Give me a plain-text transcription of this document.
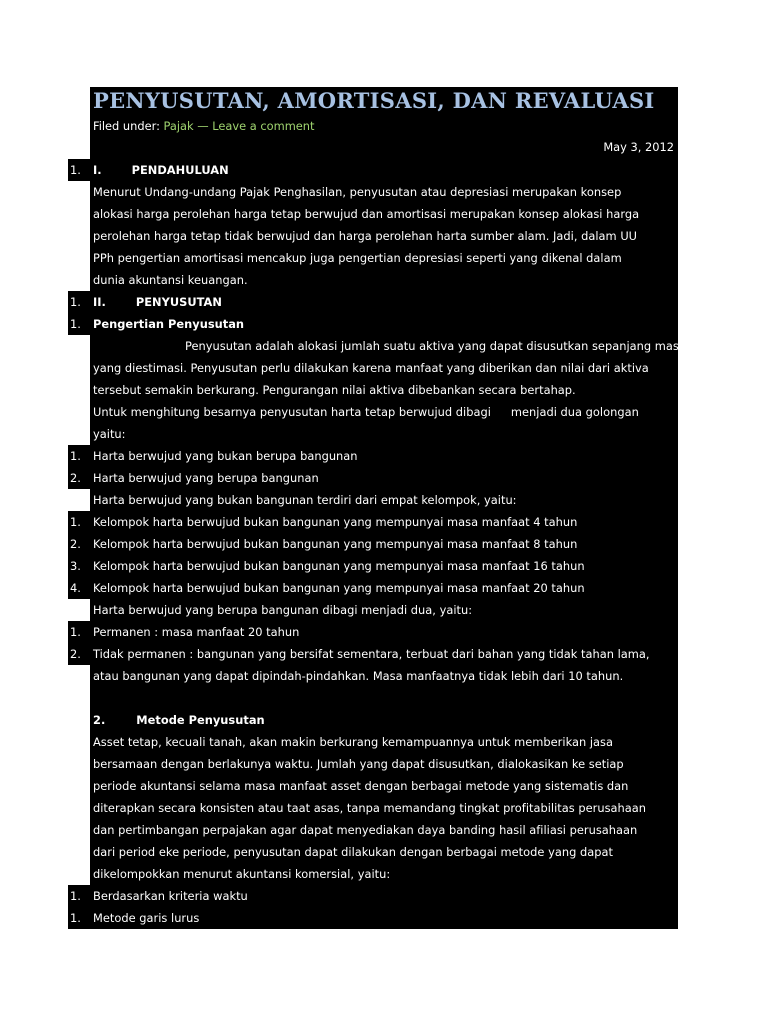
PENYUSUTAN, AMORTISASI, DAN REVALUASI
Filed under: Pajak — Leave a comment
May 3, 2012
1. I.	PENDAHULUAN
Menurut Undang-undang Pajak Penghasilan, penyusutan atau depresiasi merupakan konsep
alokasi harga perolehan harga tetap berwujud dan amortisasi merupakan konsep alokasi harga
perolehan harga tetap tidak berwujud dan harga perolehan harta sumber alam. Jadi, dalam UU
PPh pengertian amortisasi mencakup juga pengertian depresiasi seperti yang dikenal dalam
dunia akuntansi keuangan.
1. II.	PENYUSUTAN
1. Pengertian Penyusutan
Penyusutan adalah alokasi jumlah suatu aktiva yang dapat disusutkan sepanjang masa
yang diestimasi. Penyusutan perlu dilakukan karena manfaat yang diberikan dan nilai dari aktiva
tersebut semakin berkurang. Pengurangan nilai aktiva dibebankan secara bertahap.
Untuk menghitung besarnya penyusutan harta tetap berwujud dibagi menjadi dua golongan
yaitu:
1. Harta berwujud yang bukan berupa bangunan
2. Harta berwujud yang berupa bangunan
Harta berwujud yang bukan bangunan terdiri dari empat kelompok, yaitu:
1. Kelompok harta berwujud bukan bangunan yang mempunyai masa manfaat 4 tahun
2. Kelompok harta berwujud bukan bangunan yang mempunyai masa manfaat 8 tahun
3. Kelompok harta berwujud bukan bangunan yang mempunyai masa manfaat 16 tahun
4. Kelompok harta berwujud bukan bangunan yang mempunyai masa manfaat 20 tahun
Harta berwujud yang berupa bangunan dibagi menjadi dua, yaitu:
1. Permanen : masa manfaat 20 tahun
2. Tidak permanen : bangunan yang bersifat sementara, terbuat dari bahan yang tidak tahan lama,
atau bangunan yang dapat dipindah-pindahkan. Masa manfaatnya tidak lebih dari 10 tahun.
2.	Metode Penyusutan
Asset tetap, kecuali tanah, akan makin berkurang kemampuannya untuk memberikan jasa
bersamaan dengan berlakunya waktu. Jumlah yang dapat disusutkan, dialokasikan ke setiap
periode akuntansi selama masa manfaat asset dengan berbagai metode yang sistematis dan
diterapkan secara konsisten atau taat asas, tanpa memandang tingkat profitabilitas perusahaan
dan pertimbangan perpajakan agar dapat menyediakan daya banding hasil afiliasi perusahaan
dari period eke periode, penyusutan dapat dilakukan dengan berbagai metode yang dapat
dikelompokkan menurut akuntansi komersial, yaitu:
1. Berdasarkan kriteria waktu
1. Metode garis lurus
